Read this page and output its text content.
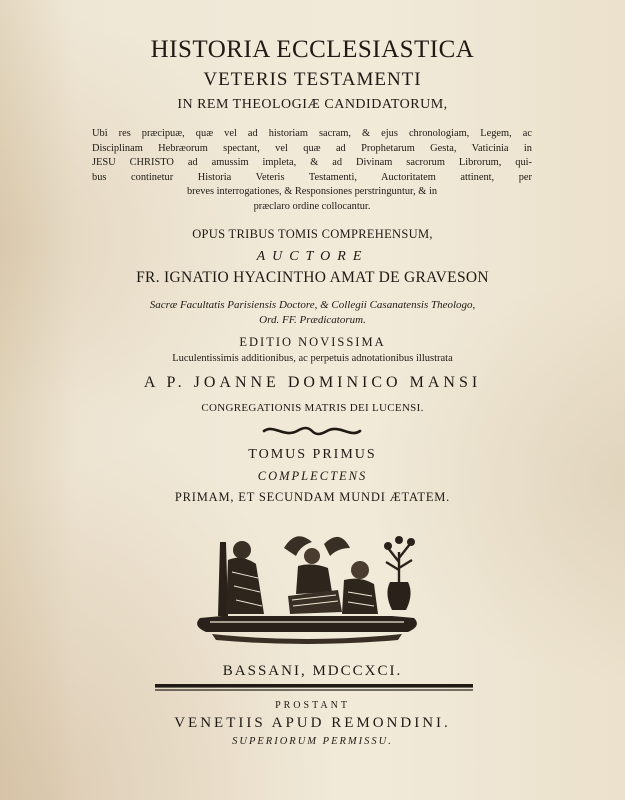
HISTORIA ECCLESIASTICA
VETERIS TESTAMENTI
IN REM THEOLOGIÆ CANDIDATORUM,
Ubi res præcipuæ, quæ vel ad historiam sacram, & ejus chronologiam, Legem, ac
Disciplinam Hebræorum spectant, vel quæ ad Prophetarum Gesta, Vaticinia in
JESU CHRISTO ad amussim impleta, & ad Divinam sacrorum Librorum, qui-
bus continetur Historia Veteris Testamenti, Auctoritatem attinent, per
breves interrogationes, & Responsiones perstringuntur, & in
præclaro ordine collocantur.
OPUS TRIBUS TOMIS COMPREHENSUM,
AUCTORE
FR. IGNATIO HYACINTHO AMAT DE GRAVESON
Sacræ Facultatis Parisiensis Doctore, & Collegii Casanatensis Theologo,
Ord. FF. Prædicatorum.
EDITIO NOVISSIMA
Luculentissimis additionibus, ac perpetuis adnotationibus illustrata
A P. JOANNE DOMINICO MANSI
CONGREGATIONIS MATRIS DEI LUCENSI.
TOMUS PRIMUS
COMPLECTENS
PRIMAM, ET SECUNDAM MUNDI ÆTATEM.
BASSANI, MDCCXCI.
PROSTANT
VENETIIS APUD REMONDINI.
SUPERIORUM PERMISSU.
